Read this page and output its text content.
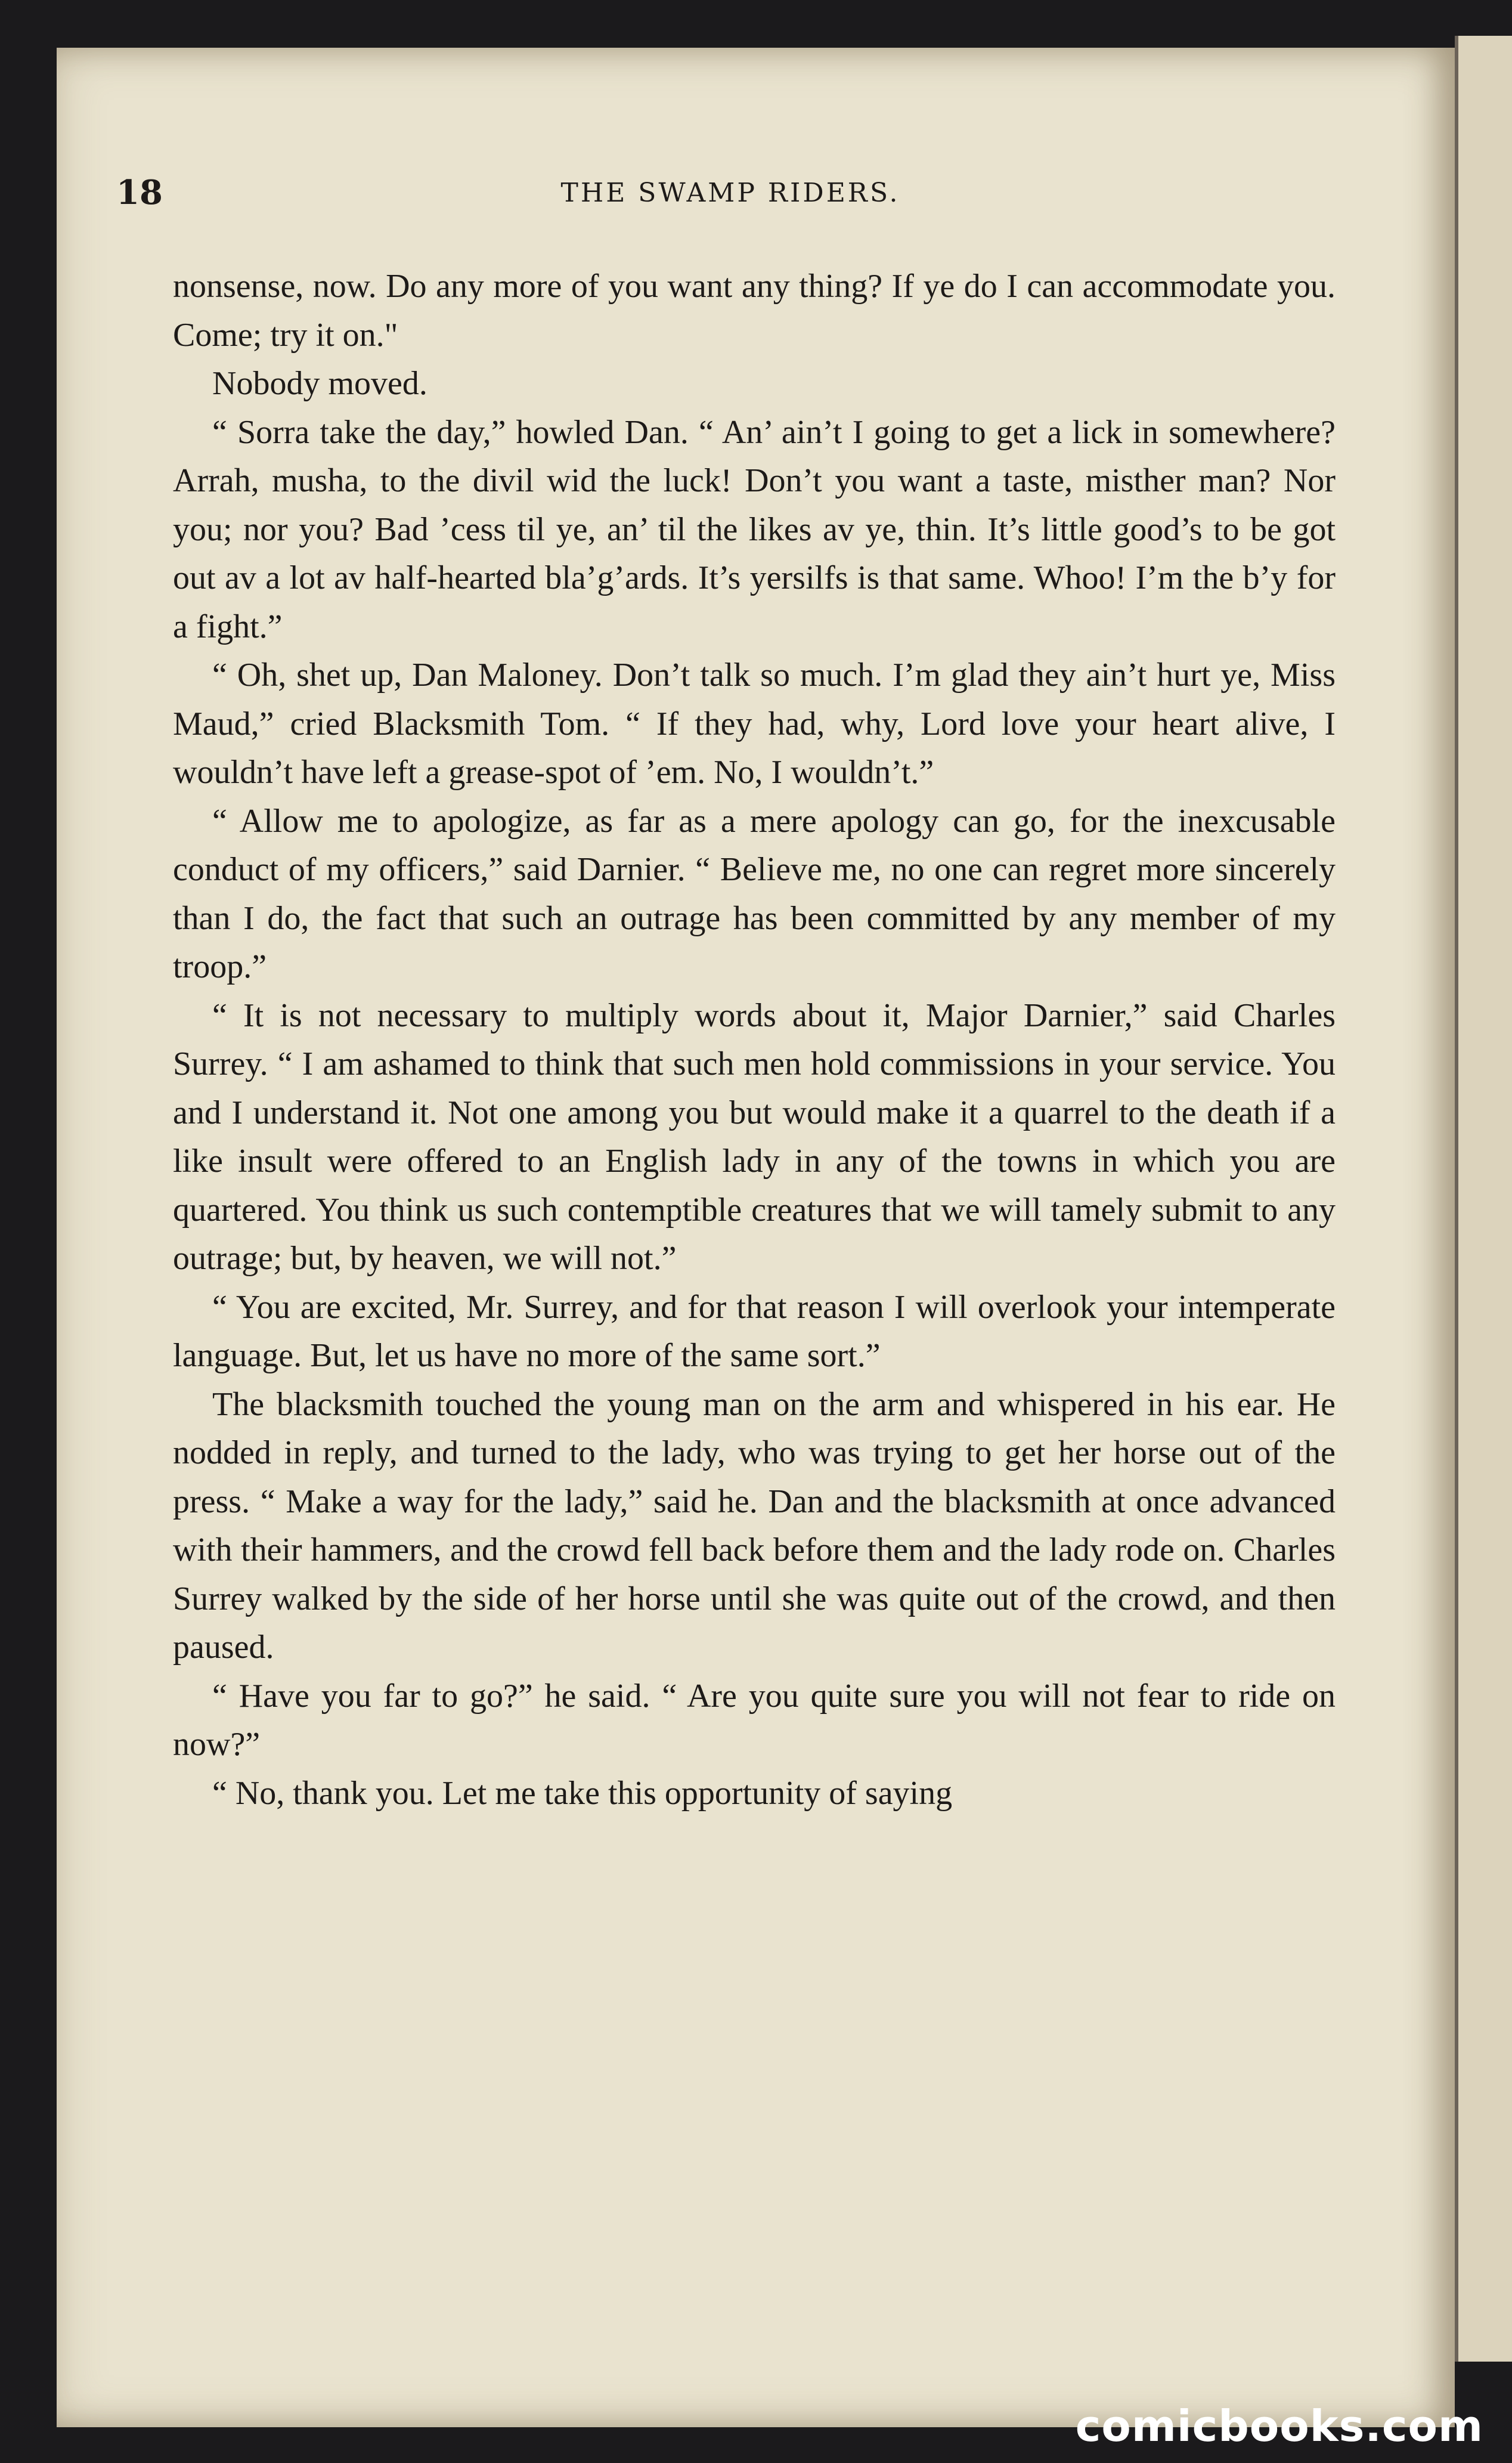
18	THE SWAMP RIDERS.

nonsense, now. Do any more of you want any thing? If ye do I can accommodate you. Come; try it on."

Nobody moved.

“ Sorra take the day,” howled Dan. “ An’ ain’t I going to get a lick in somewhere? Arrah, musha, to the divil wid the luck! Don’t you want a taste, misther man? Nor you; nor you? Bad ’cess til ye, an’ til the likes av ye, thin. It’s little good’s to be got out av a lot av half-hearted bla’g’ards. It’s yersilfs is that same. Whoo! I’m the b’y for a fight.”

“ Oh, shet up, Dan Maloney. Don’t talk so much. I’m glad they ain’t hurt ye, Miss Maud,” cried Blacksmith Tom. “ If they had, why, Lord love your heart alive, I wouldn’t have left a grease-spot of ’em. No, I wouldn’t.”

“ Allow me to apologize, as far as a mere apology can go, for the inexcusable conduct of my officers,” said Darnier. “ Believe me, no one can regret more sincerely than I do, the fact that such an outrage has been committed by any member of my troop.”

“ It is not necessary to multiply words about it, Major Darnier,” said Charles Surrey. “ I am ashamed to think that such men hold commissions in your service. You and I understand it. Not one among you but would make it a quarrel to the death if a like insult were offered to an English lady in any of the towns in which you are quartered. You think us such contemptible creatures that we will tamely submit to any outrage; but, by heaven, we will not.”

“ You are excited, Mr. Surrey, and for that reason I will overlook your intemperate language. But, let us have no more of the same sort.”

The blacksmith touched the young man on the arm and whispered in his ear. He nodded in reply, and turned to the lady, who was trying to get her horse out of the press. “ Make a way for the lady,” said he. Dan and the blacksmith at once advanced with their hammers, and the crowd fell back before them and the lady rode on. Charles Surrey walked by the side of her horse until she was quite out of the crowd, and then paused.

“ Have you far to go?” he said. “ Are you quite sure you will not fear to ride on now?”

“ No, thank you. Let me take this opportunity of saying

comicbooks.com
